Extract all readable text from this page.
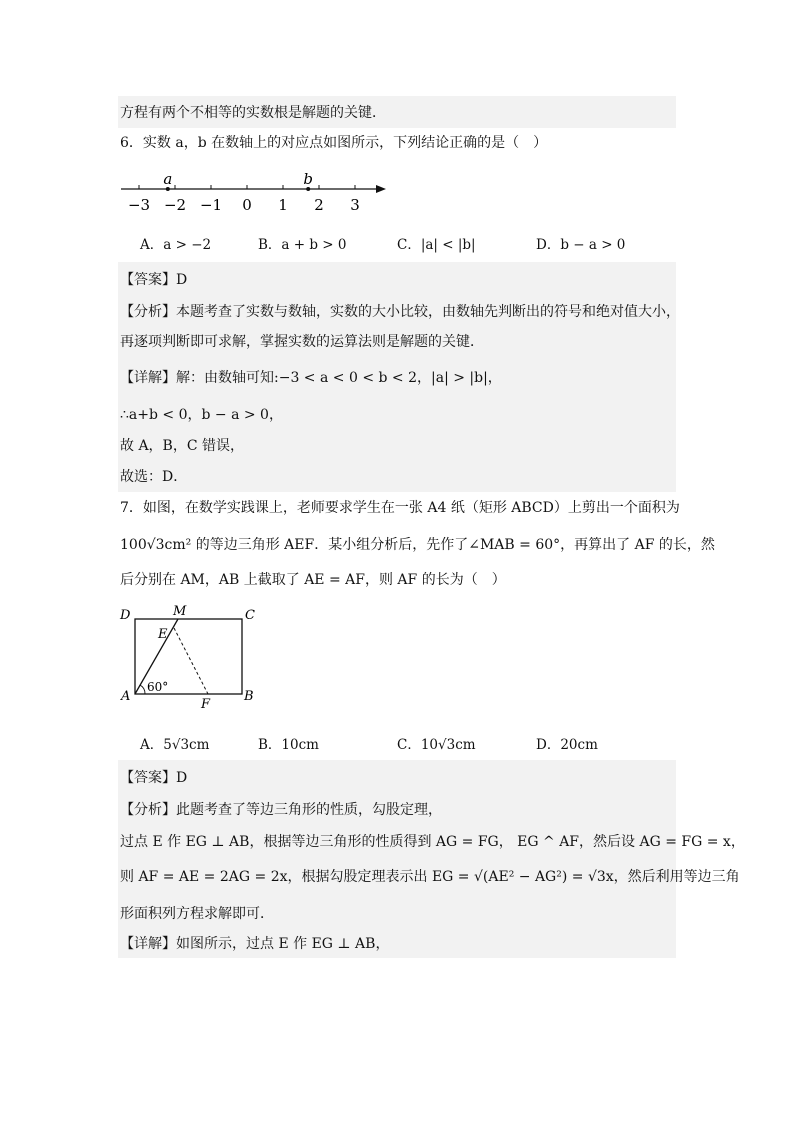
方程有两个不相等的实数根是解题的关键．
6．实数 a，b 在数轴上的对应点如图所示，下列结论正确的是（　）
−3 −2 −1 0 1 2 3
a	b
A．a > −2	B．a + b > 0	C．|a| < |b|	D．b − a > 0
【答案】D
【分析】本题考查了实数与数轴，实数的大小比较，由数轴先判断出的符号和绝对值大小，
再逐项判断即可求解，掌握实数的运算法则是解题的关键．
【详解】解：由数轴可知:−3 < a < 0 < b < 2，|a| > |b|，
∴a+b < 0，b − a > 0，
故 A，B，C 错误，
故选：D．
7．如图，在数学实践课上，老师要求学生在一张 A4 纸（矩形 ABCD）上剪出一个面积为
100√3cm² 的等边三角形 AEF．某小组分析后，先作了∠MAB = 60°，再算出了 AF 的长，然
后分别在 AM，AB 上截取了 AE = AF，则 AF 的长为（　）
D	M	C
E
A
F
B
60°
A．5√3cm	B．10cm	C．10√3cm	D．20cm
【答案】D
【分析】此题考查了等边三角形的性质，勾股定理，
过点 E 作 EG ⊥ AB，根据等边三角形的性质得到 AG = FG， EG ^ AF，然后设 AG = FG = x，
则 AF = AE = 2AG = 2x，根据勾股定理表示出 EG = √(AE² − AG²) = √3x，然后利用等边三角
形面积列方程求解即可．
【详解】如图所示，过点 E 作 EG ⊥ AB，
